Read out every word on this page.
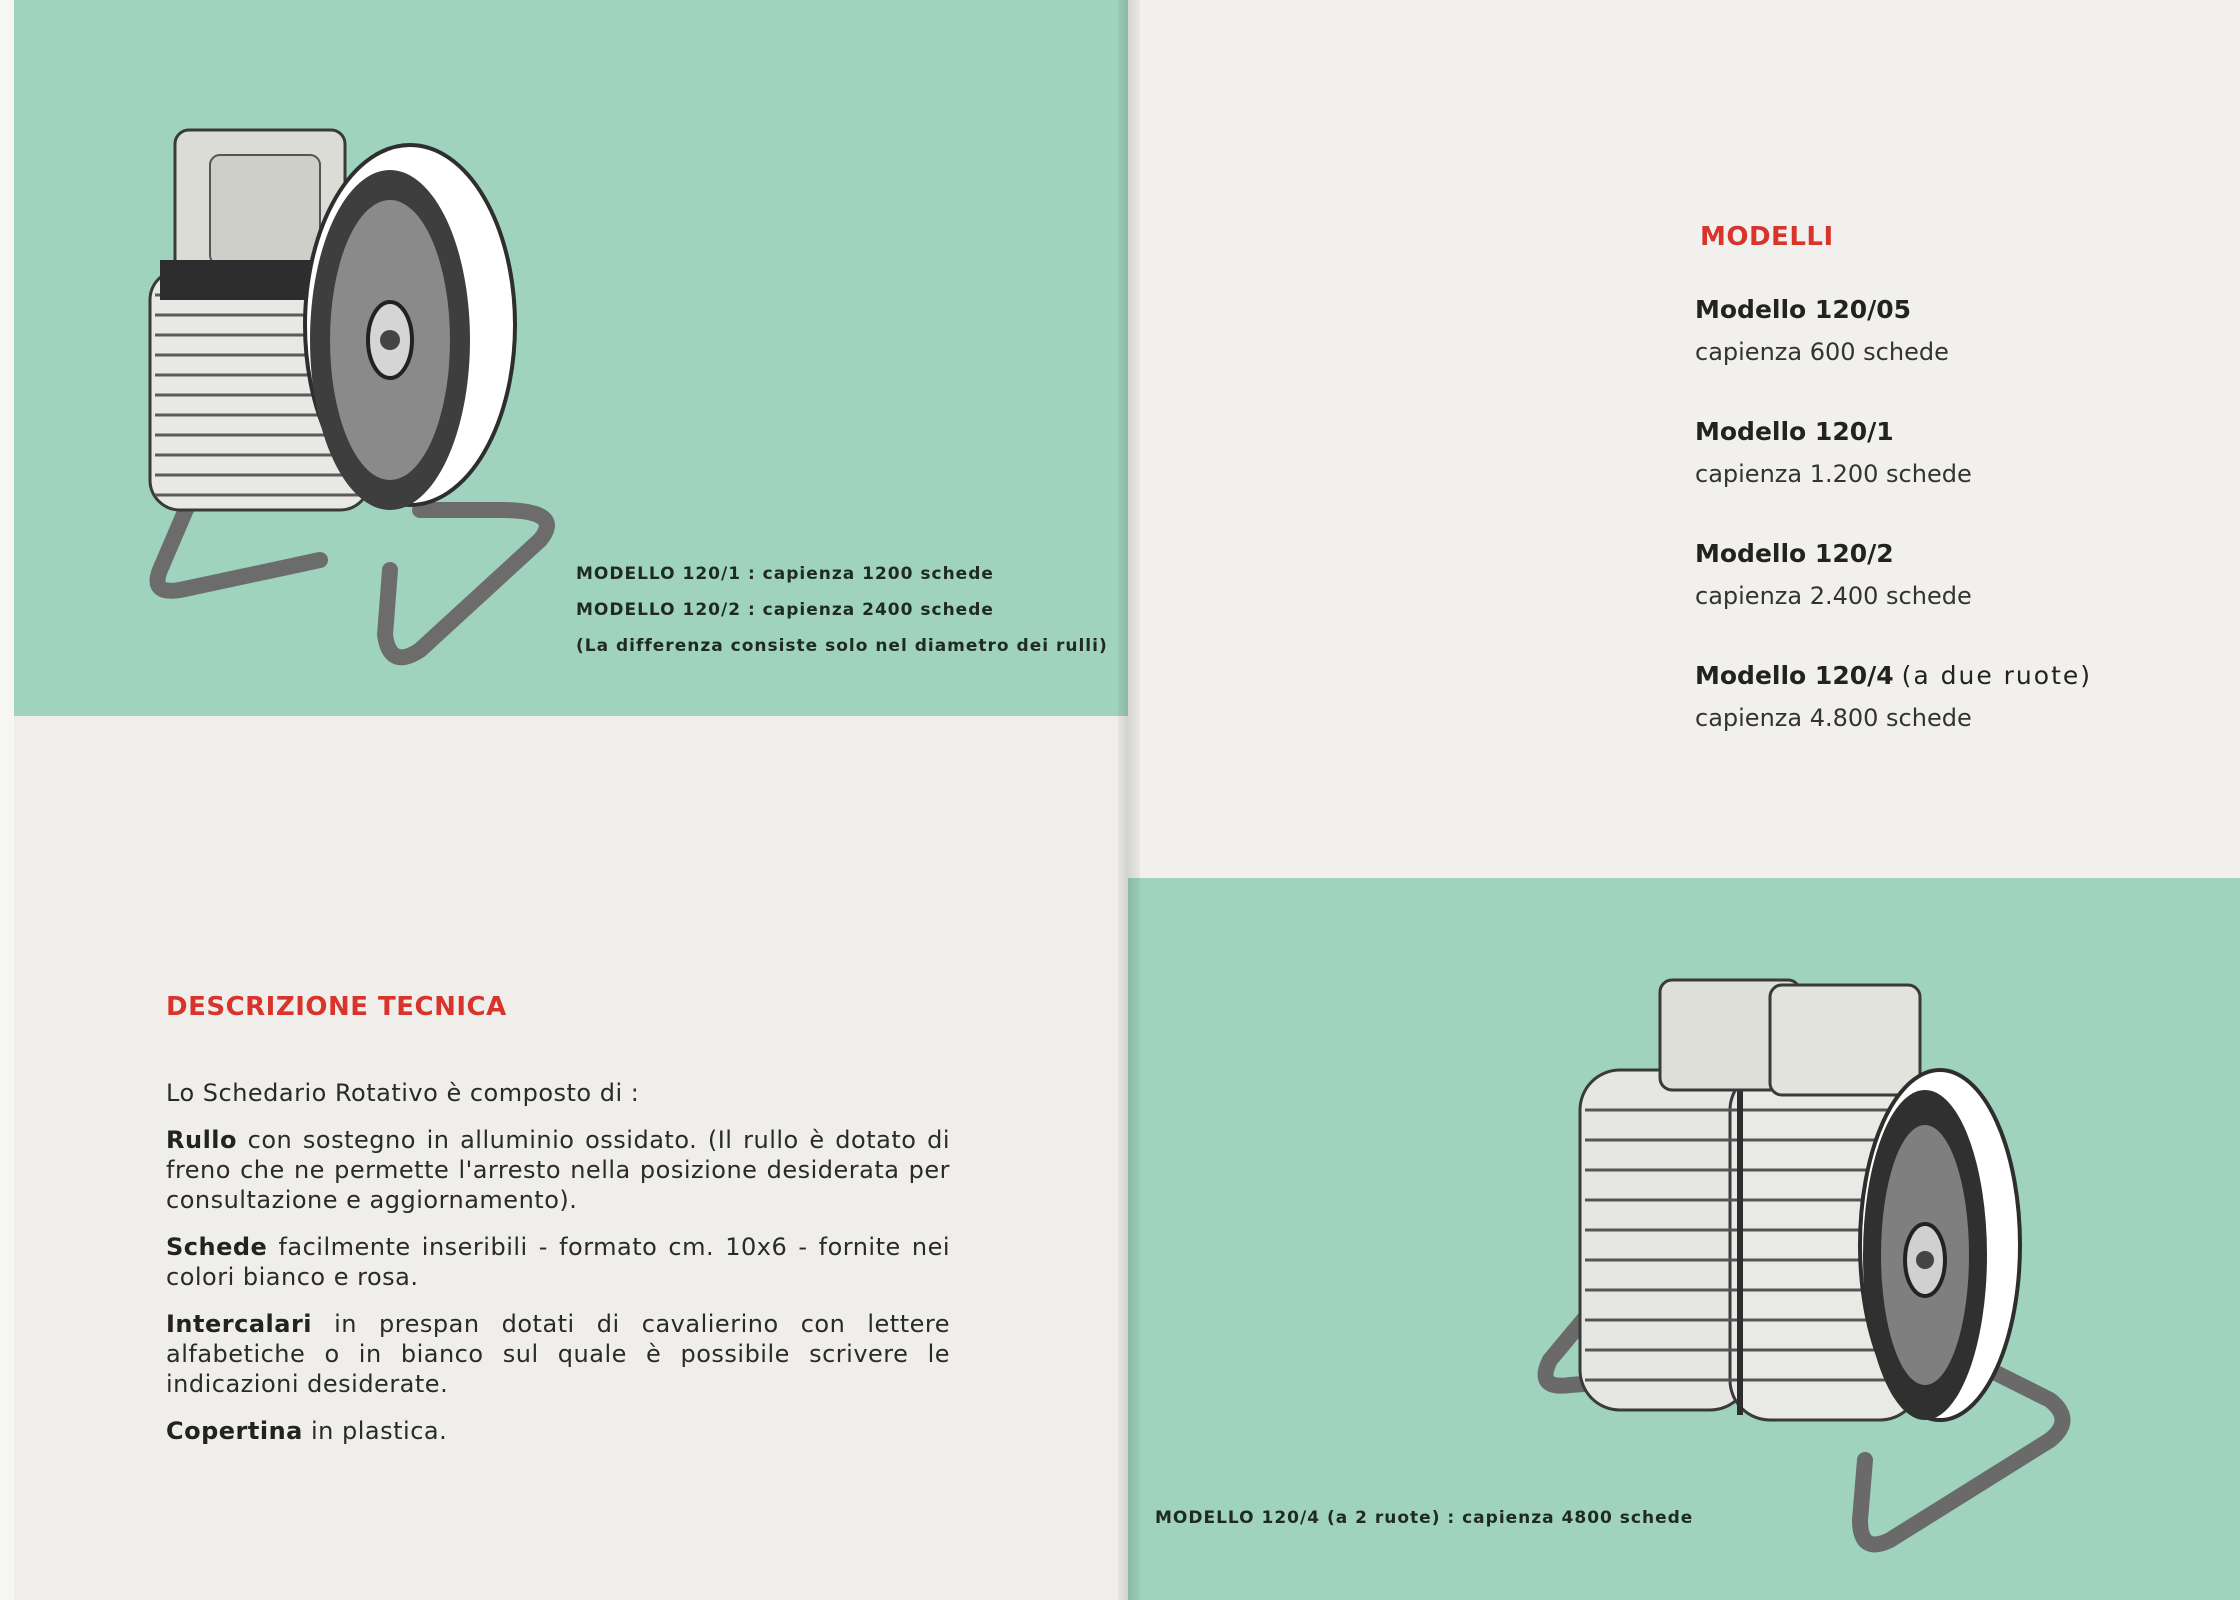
MODELLO 120/1 : capienza 1200 schede
MODELLO 120/2 : capienza 2400 schede
(La differenza consiste solo nel diametro dei rulli)
DESCRIZIONE TECNICA

Lo Schedario Rotativo è composto di :

Rullo con sostegno in alluminio ossidato. (Il rullo è dotato di freno che ne permette l'arresto nella posizione desiderata per consultazione e aggiornamento).

Schede facilmente inseribili - formato cm. 10x6 - fornite nei colori bianco e rosa.

Intercalari in prespan dotati di cavalierino con lettere alfabetiche o in bianco sul quale è possibile scrivere le indicazioni desiderate.

Copertina in plastica.

MODELLI
Modello 120/05
capienza 600 schede
Modello 120/1
capienza 1.200 schede
Modello 120/2
capienza 2.400 schede
Modello 120/4 (a due ruote)
capienza 4.800 schede
MODELLO 120/4 (a 2 ruote) : capienza 4800 schede
